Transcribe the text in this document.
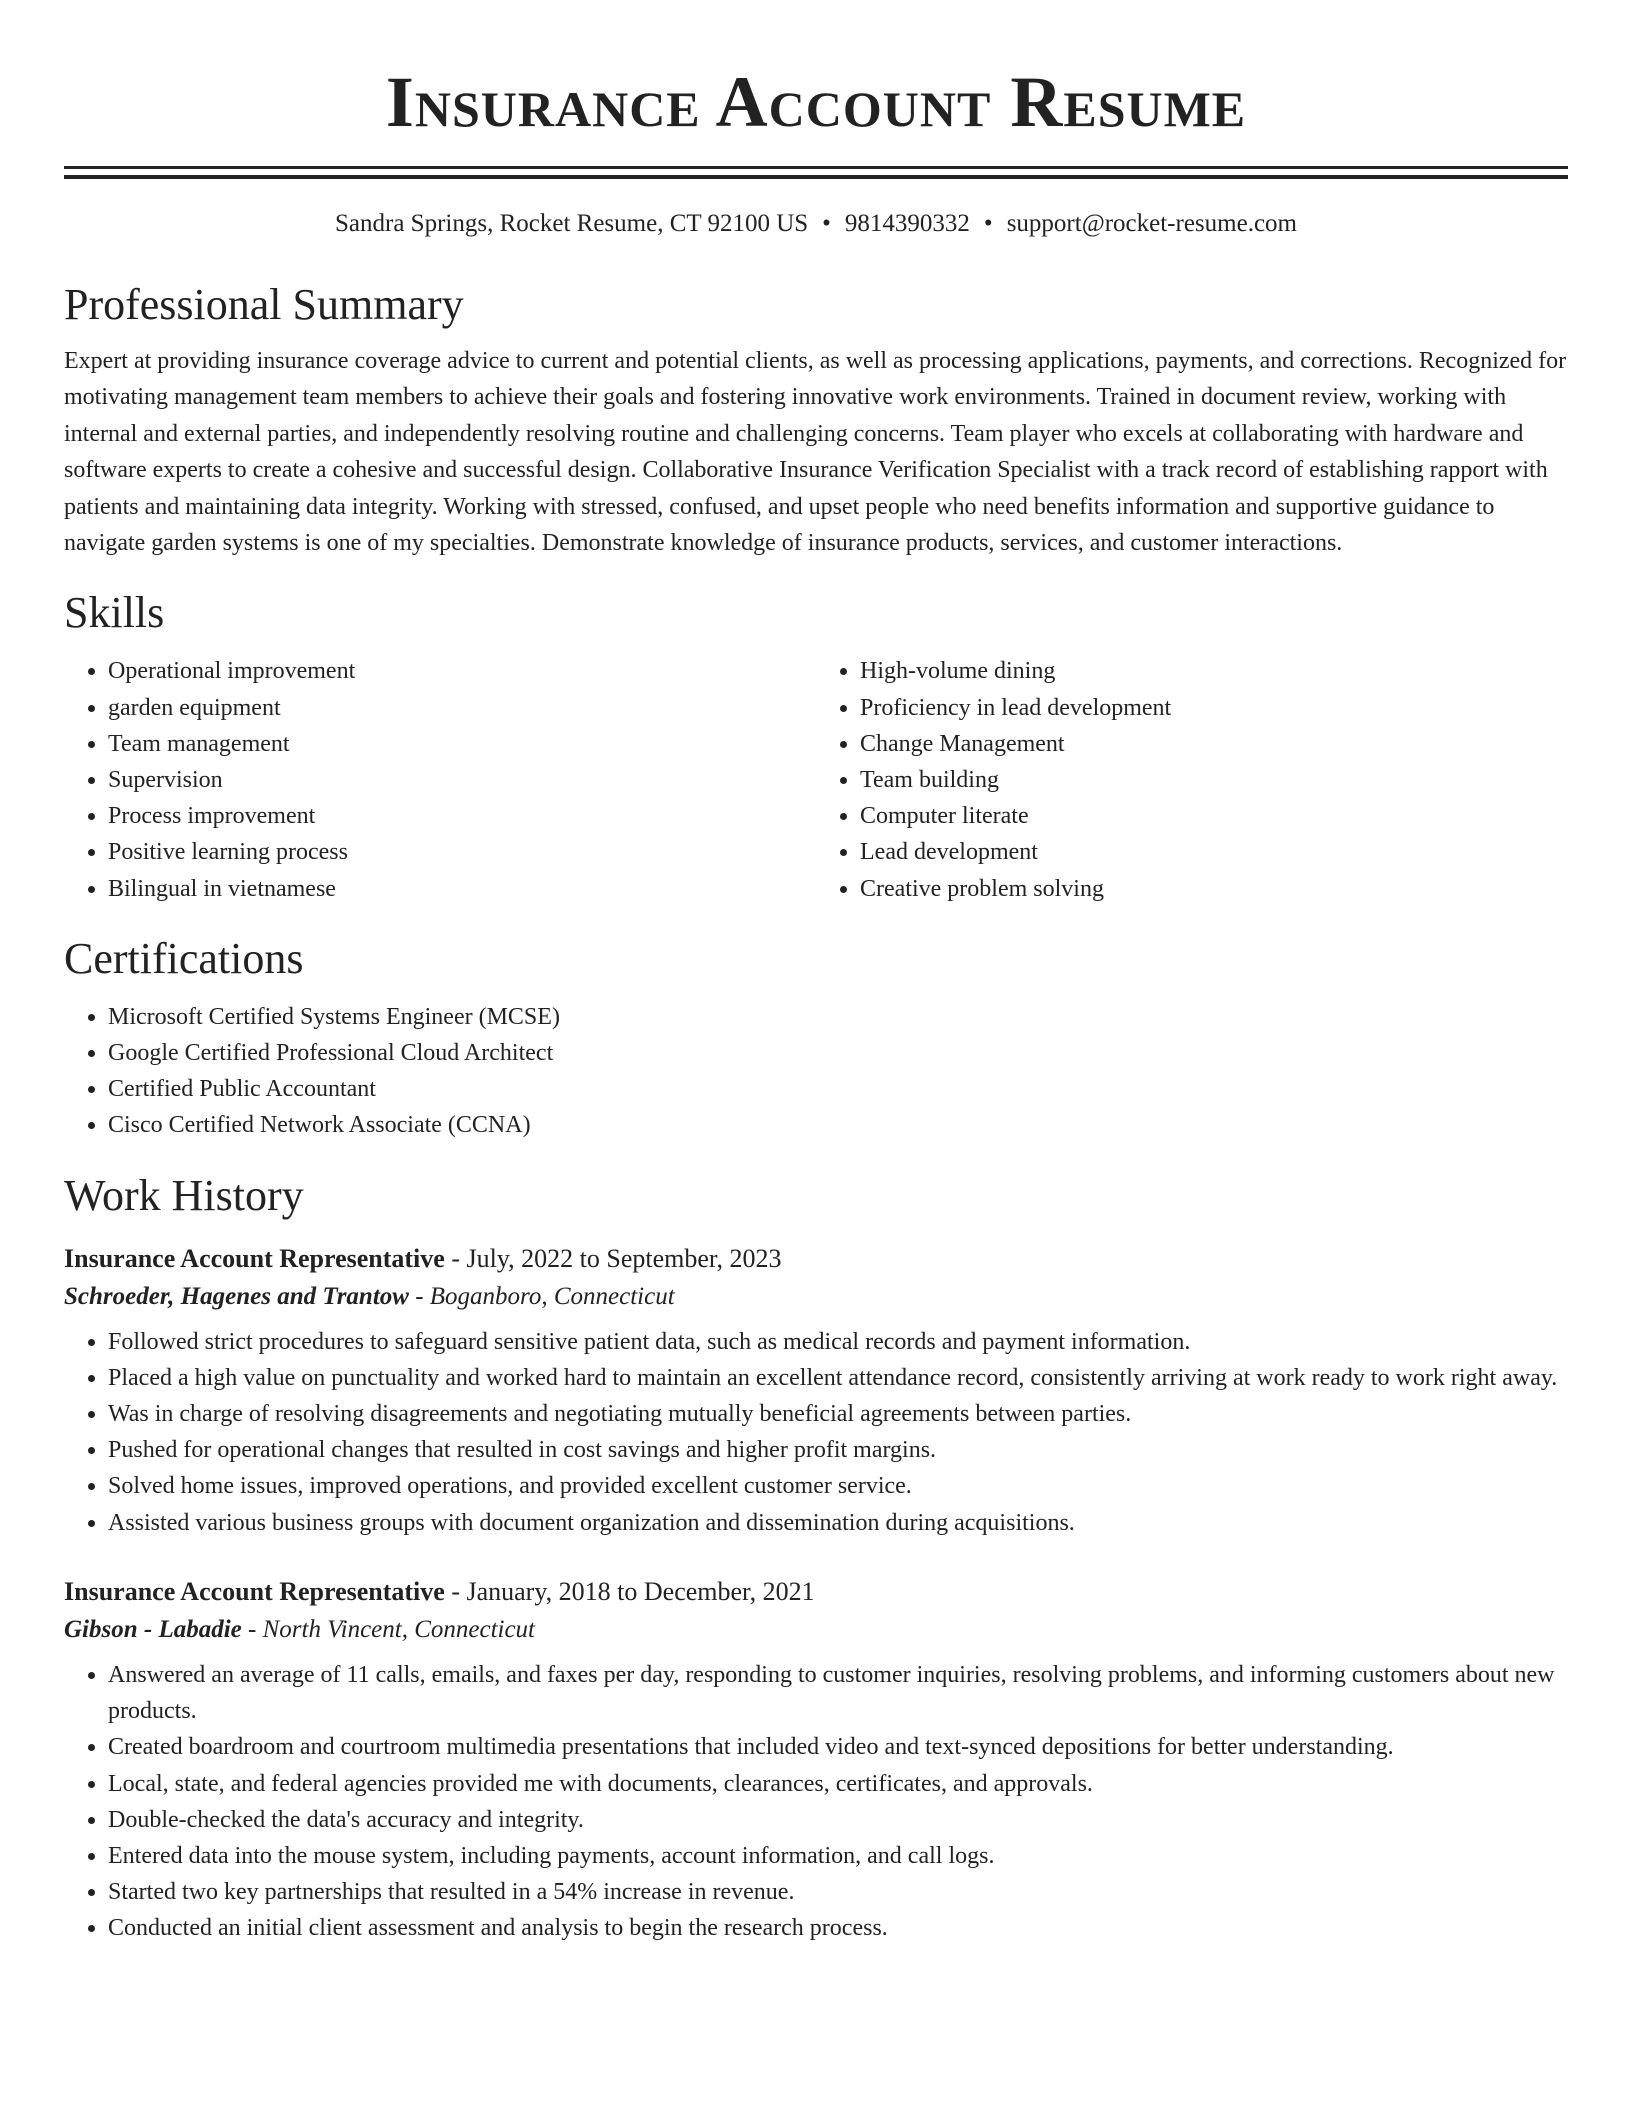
Insurance Account Resume
Sandra Springs, Rocket Resume, CT 92100 US • 9814390332 • support@rocket-resume.com
Professional Summary

Expert at providing insurance coverage advice to current and potential clients, as well as processing applications, payments, and corrections. Recognized for motivating management team members to achieve their goals and fostering innovative work environments. Trained in document review, working with internal and external parties, and independently resolving routine and challenging concerns. Team player who excels at collaborating with hardware and software experts to create a cohesive and successful design. Collaborative Insurance Verification Specialist with a track record of establishing rapport with patients and maintaining data integrity. Working with stressed, confused, and upset people who need benefits information and supportive guidance to navigate garden systems is one of my specialties. Demonstrate knowledge of insurance products, services, and customer interactions.

Skills
• Operational improvement
• garden equipment
• Team management
• Supervision
• Process improvement
• Positive learning process
• Bilingual in vietnamese
• High-volume dining
• Proficiency in lead development
• Change Management
• Team building
• Computer literate
• Lead development
• Creative problem solving
Certifications
• Microsoft Certified Systems Engineer (MCSE)
• Google Certified Professional Cloud Architect
• Certified Public Accountant
• Cisco Certified Network Associate (CCNA)
Work History
Insurance Account Representative - July, 2022 to September, 2023
Schroeder, Hagenes and Trantow - Boganboro, Connecticut
• Followed strict procedures to safeguard sensitive patient data, such as medical records and payment information.
• Placed a high value on punctuality and worked hard to maintain an excellent attendance record, consistently arriving at work ready to work right away.
• Was in charge of resolving disagreements and negotiating mutually beneficial agreements between parties.
• Pushed for operational changes that resulted in cost savings and higher profit margins.
• Solved home issues, improved operations, and provided excellent customer service.
• Assisted various business groups with document organization and dissemination during acquisitions.
Insurance Account Representative - January, 2018 to December, 2021
Gibson - Labadie - North Vincent, Connecticut
• Answered an average of 11 calls, emails, and faxes per day, responding to customer inquiries, resolving problems, and informing customers about new products.
• Created boardroom and courtroom multimedia presentations that included video and text-synced depositions for better understanding.
• Local, state, and federal agencies provided me with documents, clearances, certificates, and approvals.
• Double-checked the data's accuracy and integrity.
• Entered data into the mouse system, including payments, account information, and call logs.
• Started two key partnerships that resulted in a 54% increase in revenue.
• Conducted an initial client assessment and analysis to begin the research process.
